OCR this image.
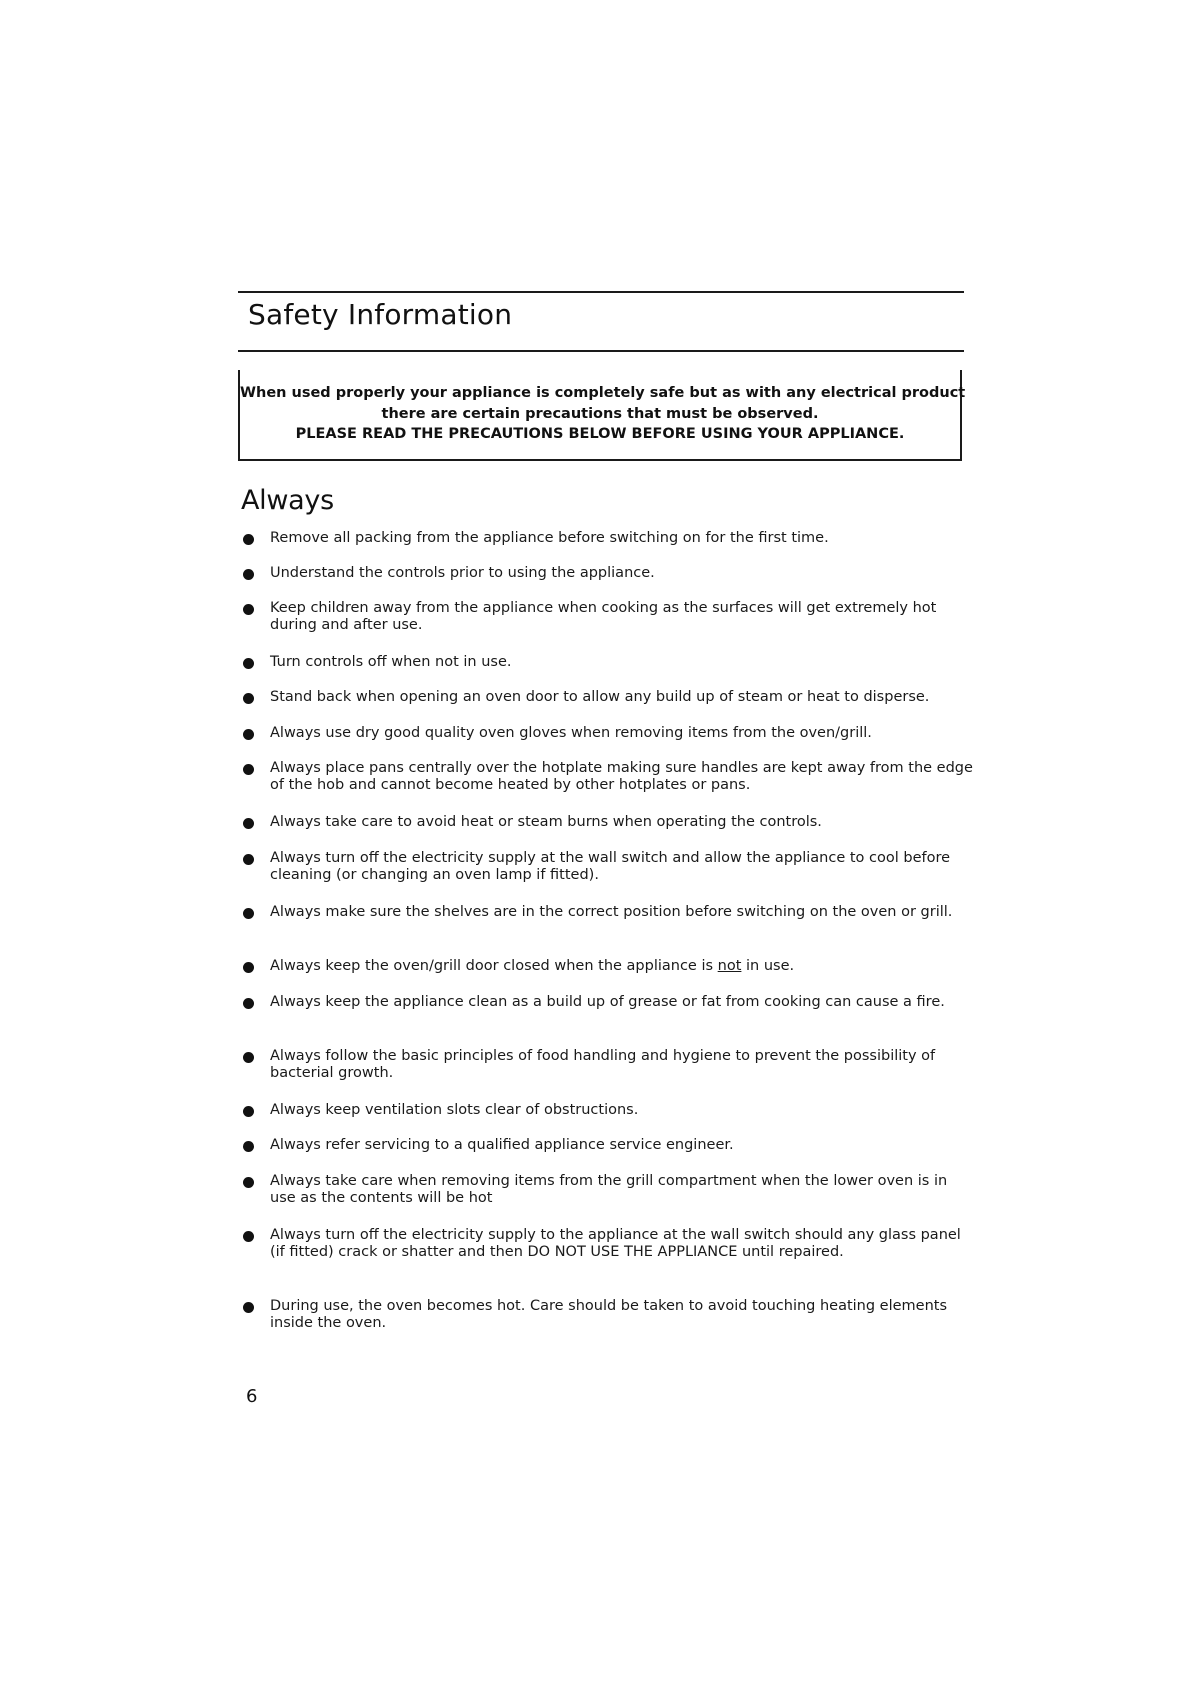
Safety Information
When used properly your appliance is completely safe but as with any electrical product
there are certain precautions that must be observed.
PLEASE READ THE PRECAUTIONS BELOW BEFORE USING YOUR APPLIANCE.
Always
Remove all packing from the appliance before switching on for the first time.
Understand the controls prior to using the appliance.
Keep children away from the appliance when cooking as the surfaces will get extremely hot during and after use.
Turn controls off when not in use.
Stand back when opening an oven door to allow any build up of steam or heat to disperse.
Always use dry good quality oven gloves when removing items from the oven/grill.
Always place pans centrally over the hotplate making sure handles are kept away from the edge of the hob and cannot become heated by other hotplates or pans.
Always take care to avoid heat or steam burns when operating the controls.
Always turn off the electricity supply at the wall switch and allow the appliance to cool before cleaning (or changing an oven lamp if fitted).
Always make sure the shelves are in the correct position before switching on the oven or grill.
Always keep the oven/grill door closed when the appliance is not in use.
Always keep the appliance clean as a build up of grease or fat from cooking can cause a fire.
Always follow the basic principles of food handling and hygiene to prevent the possibility of bacterial growth.
Always keep ventilation slots clear of obstructions.
Always refer servicing to a qualified appliance service engineer.
Always take care when removing items from the grill compartment when the lower oven is in use as the contents will be hot
Always turn off the electricity supply to the appliance at the wall switch should any glass panel (if fitted) crack or shatter and then DO NOT USE THE APPLIANCE until repaired.
During use, the oven becomes hot. Care should be taken to avoid touching heating elements inside the oven.
6
